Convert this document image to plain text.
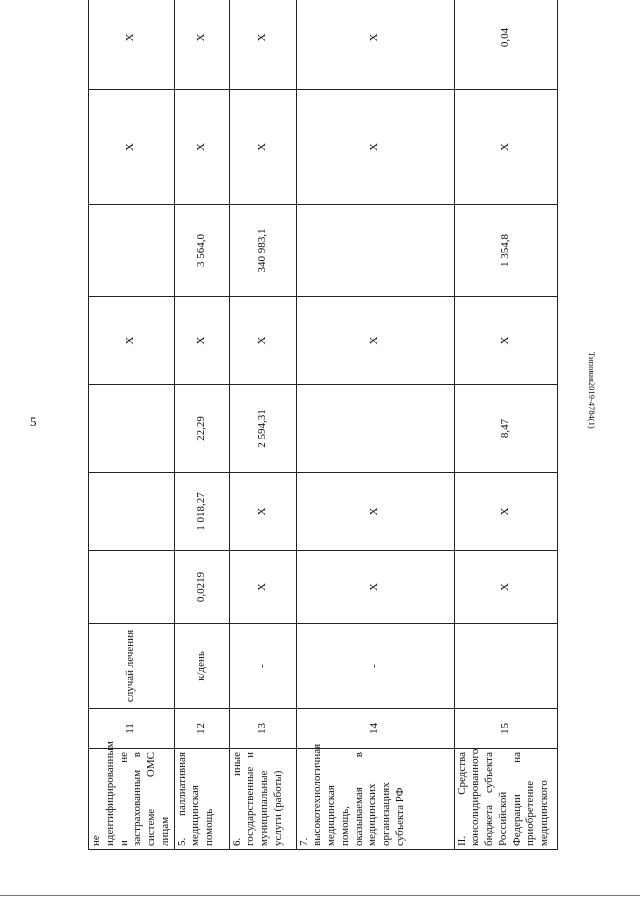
5	Типовая2019-4784(1)
не идентифицированным и не застрахованным в системе ОМС лицам	11	случай лечения				X		X	X
5. паллиативная медицинская помощь	12	к/день	0,0219	1 018,27	22,29	X	3 564,0	X	X
6. иные государственные и муниципальные услуги (работы)	13	-	X	X	2 594,31	X	340 983,1	X	X
7. высокотехнологичная медицинская помощь, оказываемая в медицинских организациях субъекта РФ	14	-	X	X		X		X	X
II. Средства консолидированного бюджета субъекта Российской Федерации на приобретение медицинского	15		X	X	8,47	X	1 354,8	X	0,04
